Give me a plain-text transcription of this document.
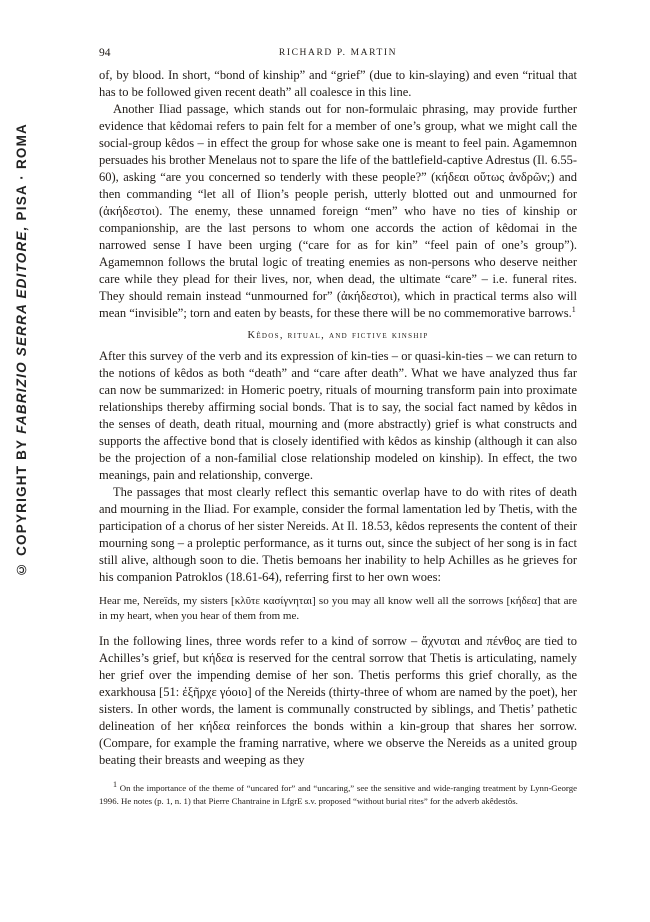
© COPYRIGHT BY FABRIZIO SERRA EDITORE, PISA · ROMA
94	RICHARD P. MARTIN

of, by blood. In short, “bond of kinship” and “grief” (due to kin-slaying) and even “ritual that has to be followed given recent death” all coalesce in this line.

Another Iliad passage, which stands out for non-formulaic phrasing, may provide further evidence that kêdomai refers to pain felt for a member of one’s group, what we might call the social-group kêdos – in effect the group for whose sake one is meant to feel pain. Agamemnon persuades his brother Menelaus not to spare the life of the battlefield-captive Adrestus (Il. 6.55-60), asking “are you concerned so tenderly with these people?” (κήδεαι οὕτως ἀνδρῶν;) and then commanding “let all of Ilion’s people perish, utterly blotted out and unmourned for (ἀκήδεστοι). The enemy, these unnamed foreign “men” who have no ties of kinship or companionship, are the last persons to whom one accords the action of kêdomai in the narrowed sense I have been urging (“care for as for kin” “feel pain of one’s group”). Agamemnon follows the brutal logic of treating enemies as non-persons who deserve neither care while they plead for their lives, nor, when dead, the ultimate “care” – i.e. funeral rites. They should remain instead “unmourned for” (ἀκήδεστοι), which in practical terms also will mean “invisible”; torn and eaten by beasts, for these there will be no commemorative barrows.$^1$

Kêdos, ritual, and fictive kinship

After this survey of the verb and its expression of kin-ties – or quasi-kin-ties – we can return to the notions of kêdos as both “death” and “care after death”. What we have analyzed thus far can now be summarized: in Homeric poetry, rituals of mourning transform pain into proximate relationships thereby affirming social bonds. That is to say, the social fact named by kêdos in the senses of death, death ritual, mourning and (more abstractly) grief is what constructs and supports the affective bond that is closely identified with kêdos as kinship (although it can also be the projection of a non-familial close relationship modeled on kinship). In effect, the two meanings, pain and relationship, converge.

The passages that most clearly reflect this semantic overlap have to do with rites of death and mourning in the Iliad. For example, consider the formal lamentation led by Thetis, with the participation of a chorus of her sister Nereids. At Il. 18.53, kêdos represents the content of their mourning song – a proleptic performance, as it turns out, since the subject of her song is in fact still alive, although soon to die. Thetis bemoans her inability to help Achilles as he grieves for his companion Patroklos (18.61-64), referring first to her own woes:

Hear me, Nereïds, my sisters [κλῦτε κασίγνηται] so you may all know well all the sorrows [κήδεα] that are in my heart, when you hear of them from me.

In the following lines, three words refer to a kind of sorrow – ἄχνυται and πένθος are tied to Achilles’s grief, but κήδεα is reserved for the central sorrow that Thetis is articulating, namely her grief over the impending demise of her son. Thetis performs this grief chorally, as the exarkhousa [51: ἐξῆρχε γόοιο] of the Nereids (thirty-three of whom are named by the poet), her sisters. In other words, the lament is communally constructed by siblings, and Thetis’ pathetic delineation of her κήδεα reinforces the bonds within a kin-group that shares her sorrow. (Compare, for example the framing narrative, where we observe the Nereids as a united group beating their breasts and weeping as they

$^1$ On the importance of the theme of “uncared for” and “uncaring,” see the sensitive and wide-ranging treatment by Lynn-George 1996. He notes (p. 1, n. 1) that Pierre Chantraine in LfgrE s.v. proposed “without burial rites” for the adverb akêdestôs.
